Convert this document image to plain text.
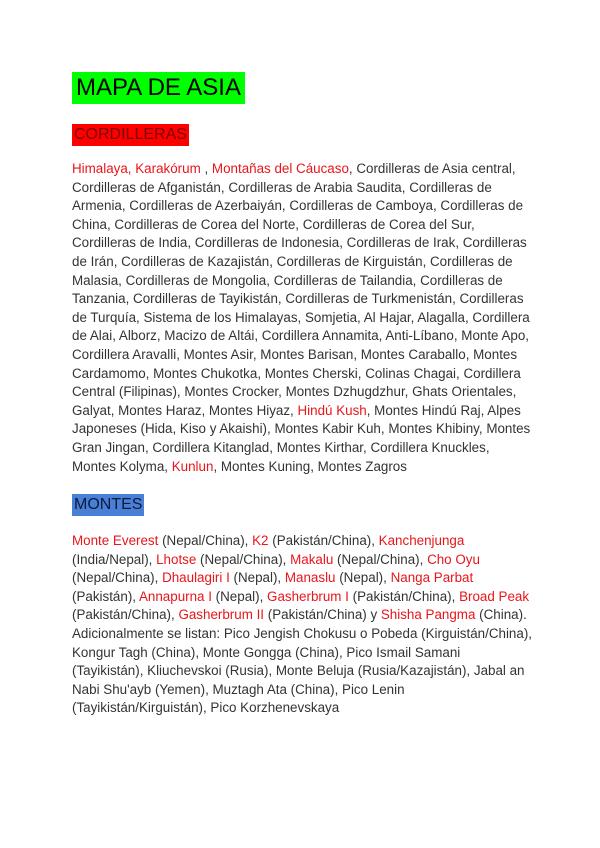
MAPA DE ASIA
CORDILLERAS

Himalaya, Karakórum , Montañas del Cáucaso, Cordilleras de Asia central, Cordilleras de Afganistán, Cordilleras de Arabia Saudita, Cordilleras de Armenia, Cordilleras de Azerbaiyán, Cordilleras de Camboya, Cordilleras de China, Cordilleras de Corea del Norte, Cordilleras de Corea del Sur, Cordilleras de India, Cordilleras de Indonesia, Cordilleras de Irak, Cordilleras de Irán, Cordilleras de Kazajistán, Cordilleras de Kirguistán, Cordilleras de Malasia, Cordilleras de Mongolia, Cordilleras de Tailandia, Cordilleras de Tanzania, Cordilleras de Tayikistán, Cordilleras de Turkmenistán, Cordilleras de Turquía, Sistema de los Himalayas, Somjetia, Al Hajar, Alagalla, Cordillera de Alai, Alborz, Macizo de Altái, Cordillera Annamita, Anti-Líbano, Monte Apo, Cordillera Aravalli, Montes Asir, Montes Barisan, Montes Caraballo, Montes Cardamomo, Montes Chukotka, Montes Cherski, Colinas Chagai, Cordillera Central (Filipinas), Montes Crocker, Montes Dzhugdzhur, Ghats Orientales, Galyat, Montes Haraz, Montes Hiyaz, Hindú Kush, Montes Hindú Raj, Alpes Japoneses (Hida, Kiso y Akaishi), Montes Kabir Kuh, Montes Khibiny, Montes Gran Jingan, Cordillera Kitanglad, Montes Kirthar, Cordillera Knuckles, Montes Kolyma, Kunlun, Montes Kuning, Montes Zagros

MONTES

Monte Everest (Nepal/China), K2 (Pakistán/China), Kanchenjunga (India/Nepal), Lhotse (Nepal/China), Makalu (Nepal/China), Cho Oyu (Nepal/China), Dhaulagiri I (Nepal), Manaslu (Nepal), Nanga Parbat (Pakistán), Annapurna I (Nepal), Gasherbrum I (Pakistán/China), Broad Peak (Pakistán/China), Gasherbrum II (Pakistán/China) y Shisha Pangma (China). Adicionalmente se listan: Pico Jengish Chokusu o Pobeda (Kirguistán/China), Kongur Tagh (China), Monte Gongga (China), Pico Ismail Samani (Tayikistán), Kliuchevskoi (Rusia), Monte Beluja (Rusia/Kazajistán), Jabal an Nabi Shu'ayb (Yemen), Muztagh Ata (China), Pico Lenin (Tayikistán/Kirguistán), Pico Korzhenevskaya
